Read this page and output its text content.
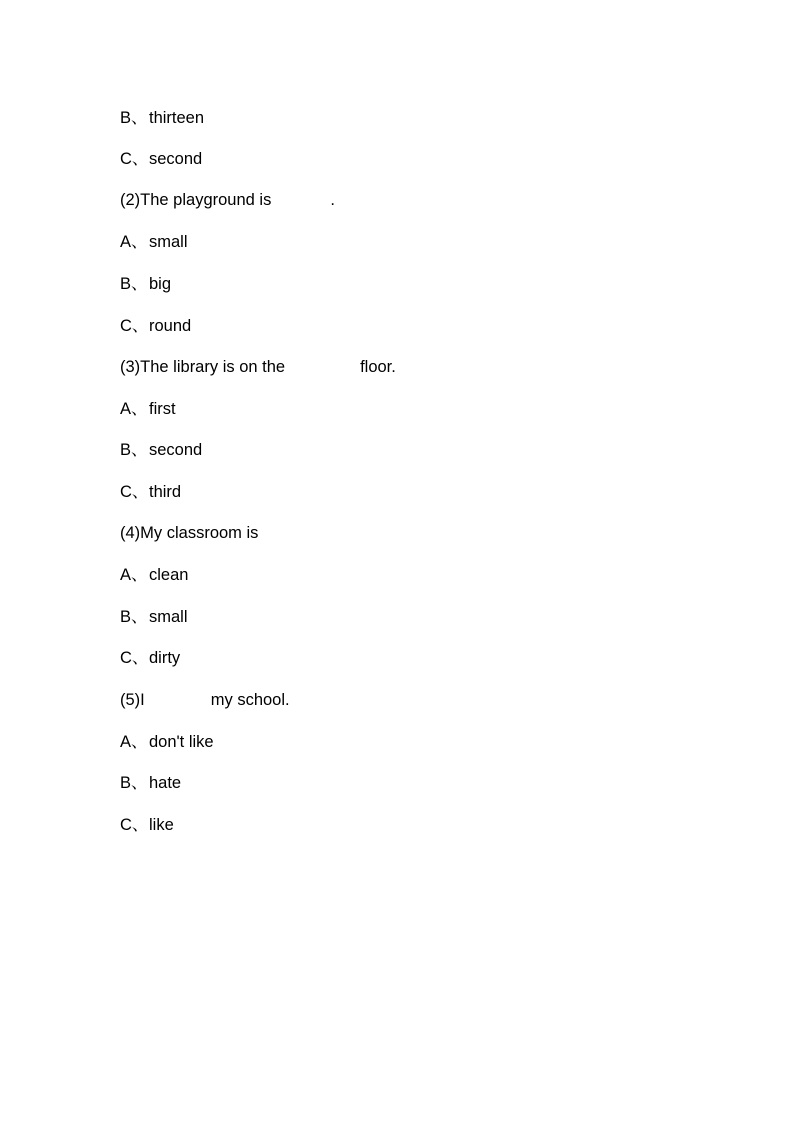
B、thirteen

C、second

(2)The playground is	.

A、small

B、big

C、round

(3)The library is on the	floor.

A、first

B、second

C、third

(4)My classroom is

A、clean

B、small

C、dirty

(5)I	my school.

A、don't like

B、hate

C、like
